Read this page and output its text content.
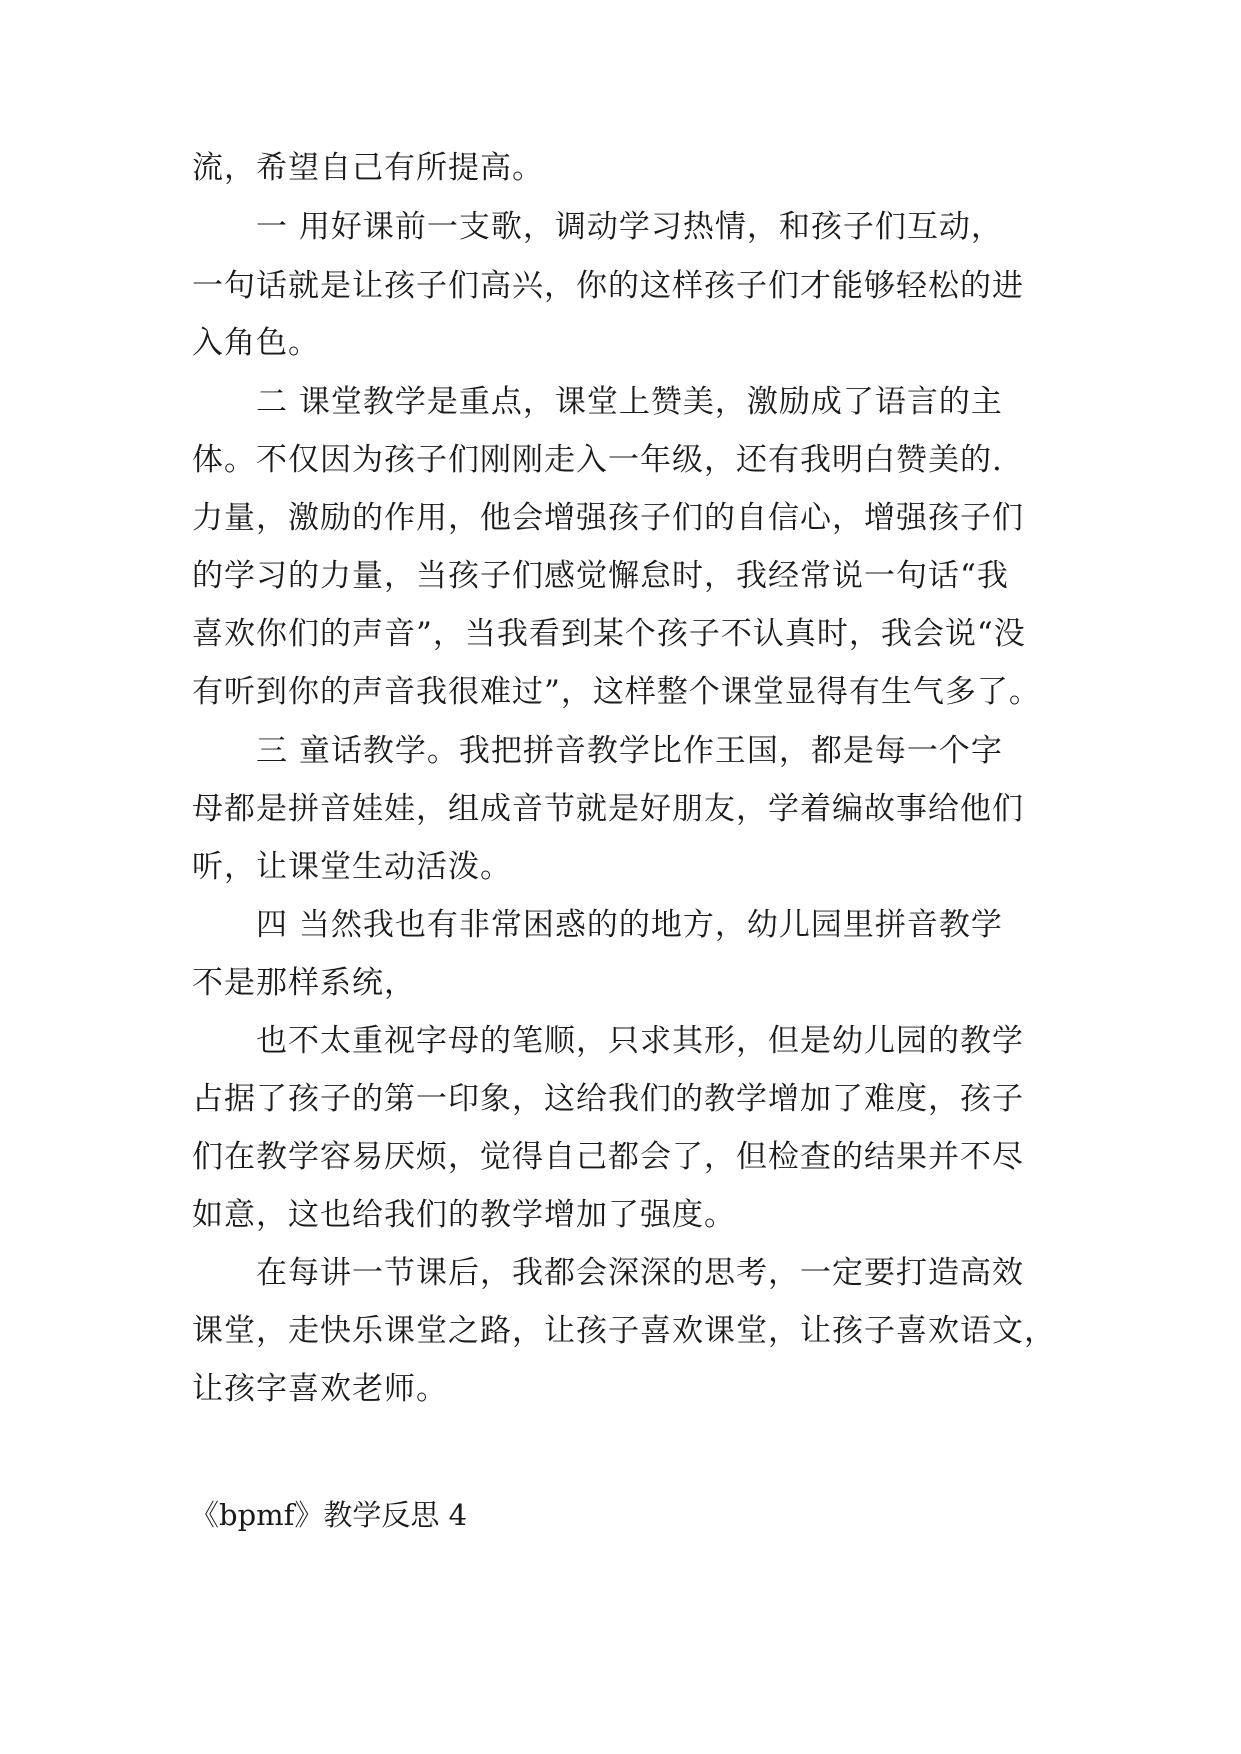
流，希望自己有所提高。
一 用好课前一支歌，调动学习热情，和孩子们互动，
一句话就是让孩子们高兴，你的这样孩子们才能够轻松的进
入角色。
二 课堂教学是重点，课堂上赞美，激励成了语言的主
体。不仅因为孩子们刚刚走入一年级，还有我明白赞美的.
力量，激励的作用，他会增强孩子们的自信心，增强孩子们
的学习的力量，当孩子们感觉懈怠时，我经常说一句话“我
喜欢你们的声音”，当我看到某个孩子不认真时，我会说“没
有听到你的声音我很难过”，这样整个课堂显得有生气多了。
三 童话教学。我把拼音教学比作王国，都是每一个字
母都是拼音娃娃，组成音节就是好朋友，学着编故事给他们
听，让课堂生动活泼。
四 当然我也有非常困惑的的地方，幼儿园里拼音教学
不是那样系统，
也不太重视字母的笔顺，只求其形，但是幼儿园的教学
占据了孩子的第一印象，这给我们的教学增加了难度，孩子
们在教学容易厌烦，觉得自己都会了，但检查的结果并不尽
如意，这也给我们的教学增加了强度。
在每讲一节课后，我都会深深的思考，一定要打造高效
课堂，走快乐课堂之路，让孩子喜欢课堂，让孩子喜欢语文，
让孩字喜欢老师。
《bpmf》教学反思 4
